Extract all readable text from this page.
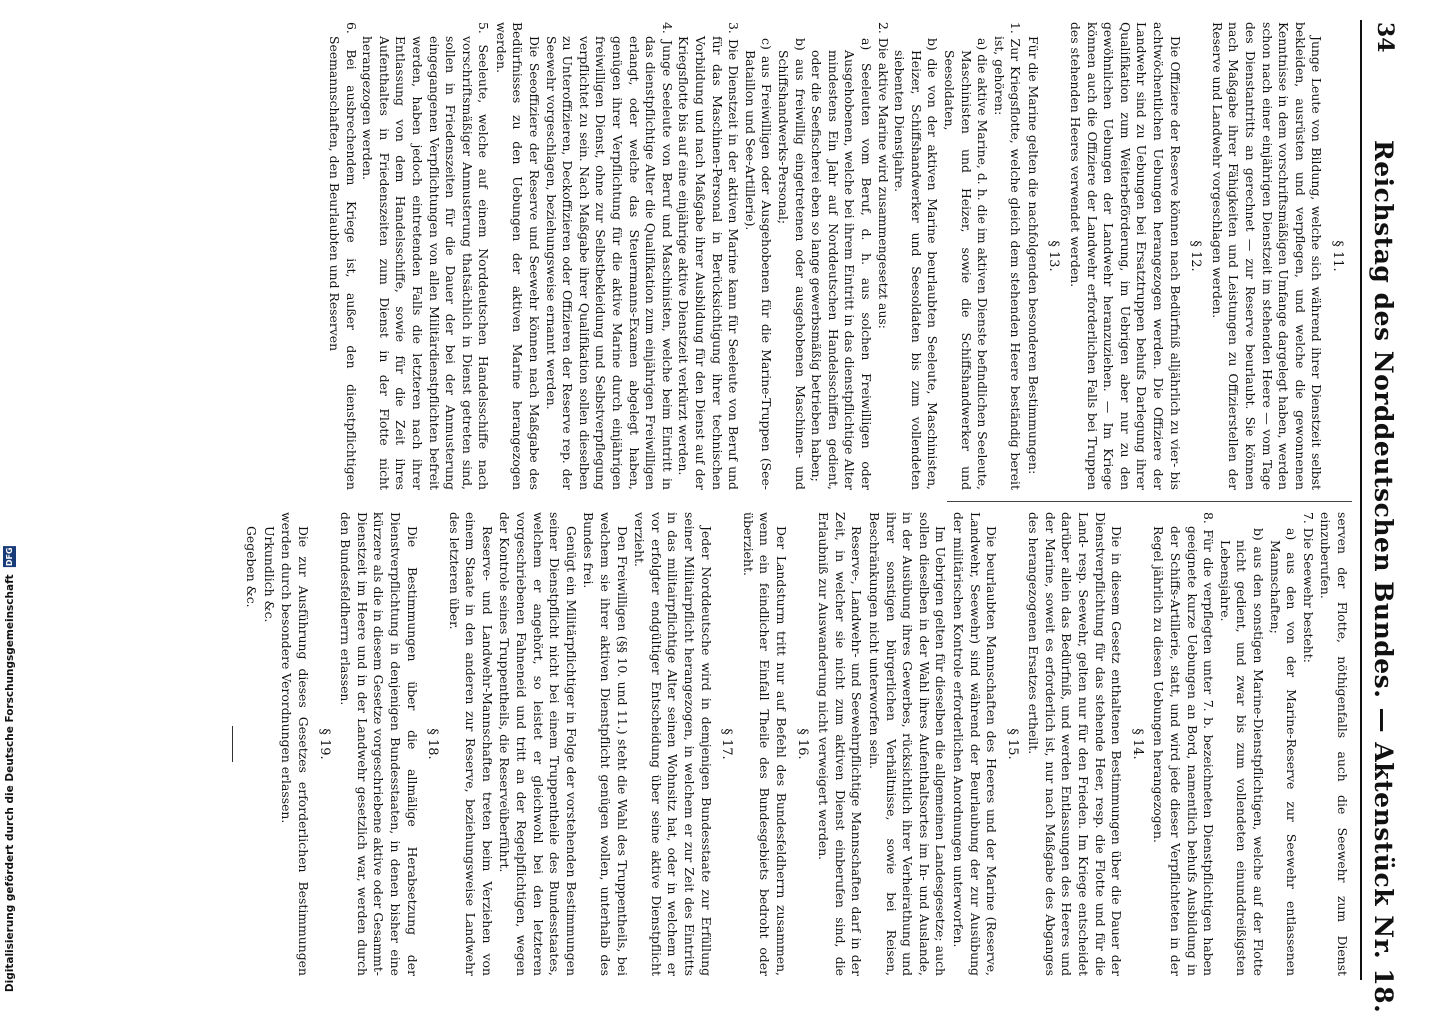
34
Reichstag des Norddeutschen Bundes. — Aktenstück Nr. 18.
§ 11.

Junge Leute von Bildung, welche sich während ihrer Dienstzeit selbst bekleiden, ausrüsten und verpflegen, und welche die gewonnenen Kenntnisse in dem vorschriftsmäßigen Umfange dargelegt haben, werden schon nach einer einjährigen Dienstzeit im stehenden Heere — vom Tage des Dienstantritts an gerechnet — zur Reserve beurlaubt. Sie können nach Maßgabe ihrer Fähigkeiten und Leistungen zu Offizierstellen der Reserve und Landwehr vorgeschlagen werden.

§ 12.

Die Offiziere der Reserve können nach Bedürfniß alljährlich zu vier- bis achtwöchentlichen Uebungen herangezogen werden. Die Offiziere der Landwehr sind zu Uebungen bei Ersatztruppen behufs Darlegung ihrer Qualifikation zum Weiterbeförderung, im Uebrigen aber nur zu den gewöhnlichen Uebungen der Landwehr heranzuziehen. — Im Kriege können auch die Offiziere der Landwehr erforderlichen Falls bei Truppen des stehenden Heeres verwendet werden.

§ 13.

Für die Marine gelten die nachfolgenden besonderen Bestimmungen:

1. Zur Kriegsflotte, welche gleich dem stehenden Heere beständig bereit ist, gehören:

a) die aktive Marine, d. h. die im aktiven Dienste befindlichen Seeleute, Maschinisten und Heizer, sowie die Schiffshandwerker und Seesoldaten,

b) die von der aktiven Marine beurlaubten Seeleute, Maschinisten, Heizer, Schiffshandwerker und Seesoldaten bis zum vollendeten siebenten Dienstjahre.

2. Die aktive Marine wird zusammengesetzt aus:

a) Seeleuten vom Beruf, d. h. aus solchen Freiwilligen oder Ausgehobenen, welche bei ihrem Eintritt in das dienstpflichtige Alter mindestens Ein Jahr auf Norddeutschen Handelsschiffen gedient, oder die Seefischerei eben so lange gewerbsmäßig betrieben haben;

b) aus freiwillig eingetretenen oder ausgehobenen Maschinen- und Schiffshandwerks-Personal;

c) aus Freiwilligen oder Ausgehobenen für die Marine-Truppen (See-Bataillon und See-Artillerie).

3. Die Dienstzeit in der aktiven Marine kann für Seeleute von Beruf und für das Maschinen-Personal in Berücksichtigung ihrer technischen Vorbildung und nach Maßgabe ihrer Ausbildung für den Dienst auf der Kriegsflotte bis auf eine einjährige aktive Dienstzeit verkürzt werden.

4. Junge Seeleute von Beruf und Maschinisten, welche beim Eintritt in das dienstpflichtige Alter die Qualifikation zum einjährigen Freiwilligen erlangt, oder welche das Steuermanns-Examen abgelegt haben, genügen ihrer Verpflichtung für die aktive Marine durch einjährigen freiwilligen Dienst, ohne zur Selbstbekleidung und Selbstverpflegung verpflichtet zu sein. Nach Maßgabe ihrer Qualifikation sollen dieselben zu Unteroffizieren, Deckoffizieren oder Offizieren der Reserve rep. der Seewehr vorgeschlagen, beziehungsweise ernannt werden.

Die Seeoffiziere der Reserve und Seewehr können nach Maßgabe des Bedürfnisses zu den Uebungen der aktiven Marine herangezogen werden.

5. Seeleute, welche auf einem Norddeutschen Handelsschiffe nach vorschriftsmäßiger Anmusterung thatsächlich in Dienst getreten sind, sollen in Friedenszeiten für die Dauer der bei der Anmusterung eingegangenen Verpflichtungen von allen Militärdienstpflichten befreit werden, haben jedoch eintretenden Falls die letzteren nach ihrer Entlassung von dem Handelsschiffe, sowie für die Zeit ihres Aufenthaltes in Friedenszeiten zum Dienst in der Flotte nicht herangezogen werden.

6. Bei ausbrechendem Kriege ist, außer den dienstpflichtigen Seemannschaften, den Beurlaubten und Reserven

serven der Flotte, nöthigenfalls auch die Seewehr zum Dienst einzuberufen.

7. Die Seewehr besteht:

a) aus den von der Marine-Reserve zur Seewehr entlassenen Mannschaften;

b) aus den sonstigen Marine-Dienstpflichtigen, welche auf der Flotte nicht gedient, und zwar bis zum vollendeten einunddreißigsten Lebensjahre.

8. Für die verpflegten unter 7. b. bezeichneten Dienstpflichtigen haben geeignete kurze Uebungen an Bord, namentlich behufs Ausbildung in der Schiffs-Artillerie, statt, und wird jede dieser Verpflichteten in der Regel jährlich zu diesen Uebungen herangezogen.

§ 14.

Die in diesem Gesetz enthaltenen Bestimmungen über die Dauer der Dienstverpflichtung für das stehende Heer, resp. die Flotte und für die Land- resp. Seewehr, gelten nur für den Frieden. Im Kriege entscheidet darüber allein das Bedürfniß, und werden Entlassungen des Heeres und der Marine, soweit es erforderlich ist, nur nach Maßgabe des Abganges des herangezogenen Ersatzes ertheilt.

§ 15.

Die beurlaubten Mannschaften des Heeres und der Marine (Reserve, Landwehr, Seewehr) sind während der Beurlaubung der zur Ausübung der militärischen Kontrole erforderlichen Anordnungen unterworfen.

Im Uebrigen gelten für dieselben die allgemeinen Landesgesetze; auch sollen dieselben in der Wahl ihres Aufenthaltsortes im In- und Auslande, in der Ausübung ihres Gewerbes, rücksichtlich ihrer Verheirathung und ihrer sonstigen bürgerlichen Verhältnisse, sowie bei Reisen, Beschränkungen nicht unterworfen sein.

Reserve-, Landwehr- und Seewehrpflichtige Mannschaften darf in der Zeit, in welcher sie nicht zum aktiven Dienst einberufen sind, die Erlaubniß zur Auswanderung nicht verweigert werden.

§ 16.

Der Landsturm tritt nur auf Befehl des Bundesfeldherrn zusammen, wenn ein feindlicher Einfall Theile des Bundesgebiets bedroht oder überzieht.

§ 17.

Jeder Norddeutsche wird in demjenigen Bundesstaate zur Erfüllung seiner Militairpflicht herangezogen, in welchem er zur Zeit des Eintritts in das militairpflichtige Alter seinen Wohnsitz hat, oder in welchem er vor erfolgter endgültiger Entscheidung über seine aktive Dienstpflicht verzieht.

Den Freiwilligen (§§ 10. und 11.) steht die Wahl des Truppentheils, bei welchem sie ihrer aktiven Dienstpflicht genügen wollen, unterhalb des Bundes frei.

Genügt ein Militärpflichtiger in Folge der vorstehenden Bestimmungen seiner Dienstpflicht nicht bei einem Truppentheile des Bundesstaates, welchem er angehört, so leistet er gleichwohl bei den letzteren vorgeschriebenen Fahneneid und tritt an der Regelpflichtigen, wegen der Kontrole seines Truppentheils, die Reserveüberführt.

Reserve- und Landwehr-Mannschaften treten beim Verziehen von einem Staate in den anderen zur Reserve, beziehungsweise Landwehr des letzteren über.

§ 18.

Die Bestimmungen über die allmälige Herabsetzung der Dienstverpflichtung in denjenigen Bundesstaaten, in denen bisher eine kürzere als die in diesem Gesetze vorgeschriebene aktive oder Gesammt-Dienstzeit im Heere und in der Landwehr gesetzlich war, werden durch den Bundesfeldherrn erlassen.

§ 19.

Die zur Ausführung dieses Gesetzes erforderlichen Bestimmungen werden durch besondere Verordnungen erlassen.

Urkundlich &c.

Gegeben &c.

Digitalisierung gefördert durch die Deutsche Forschungsgemeinschaft DFG
